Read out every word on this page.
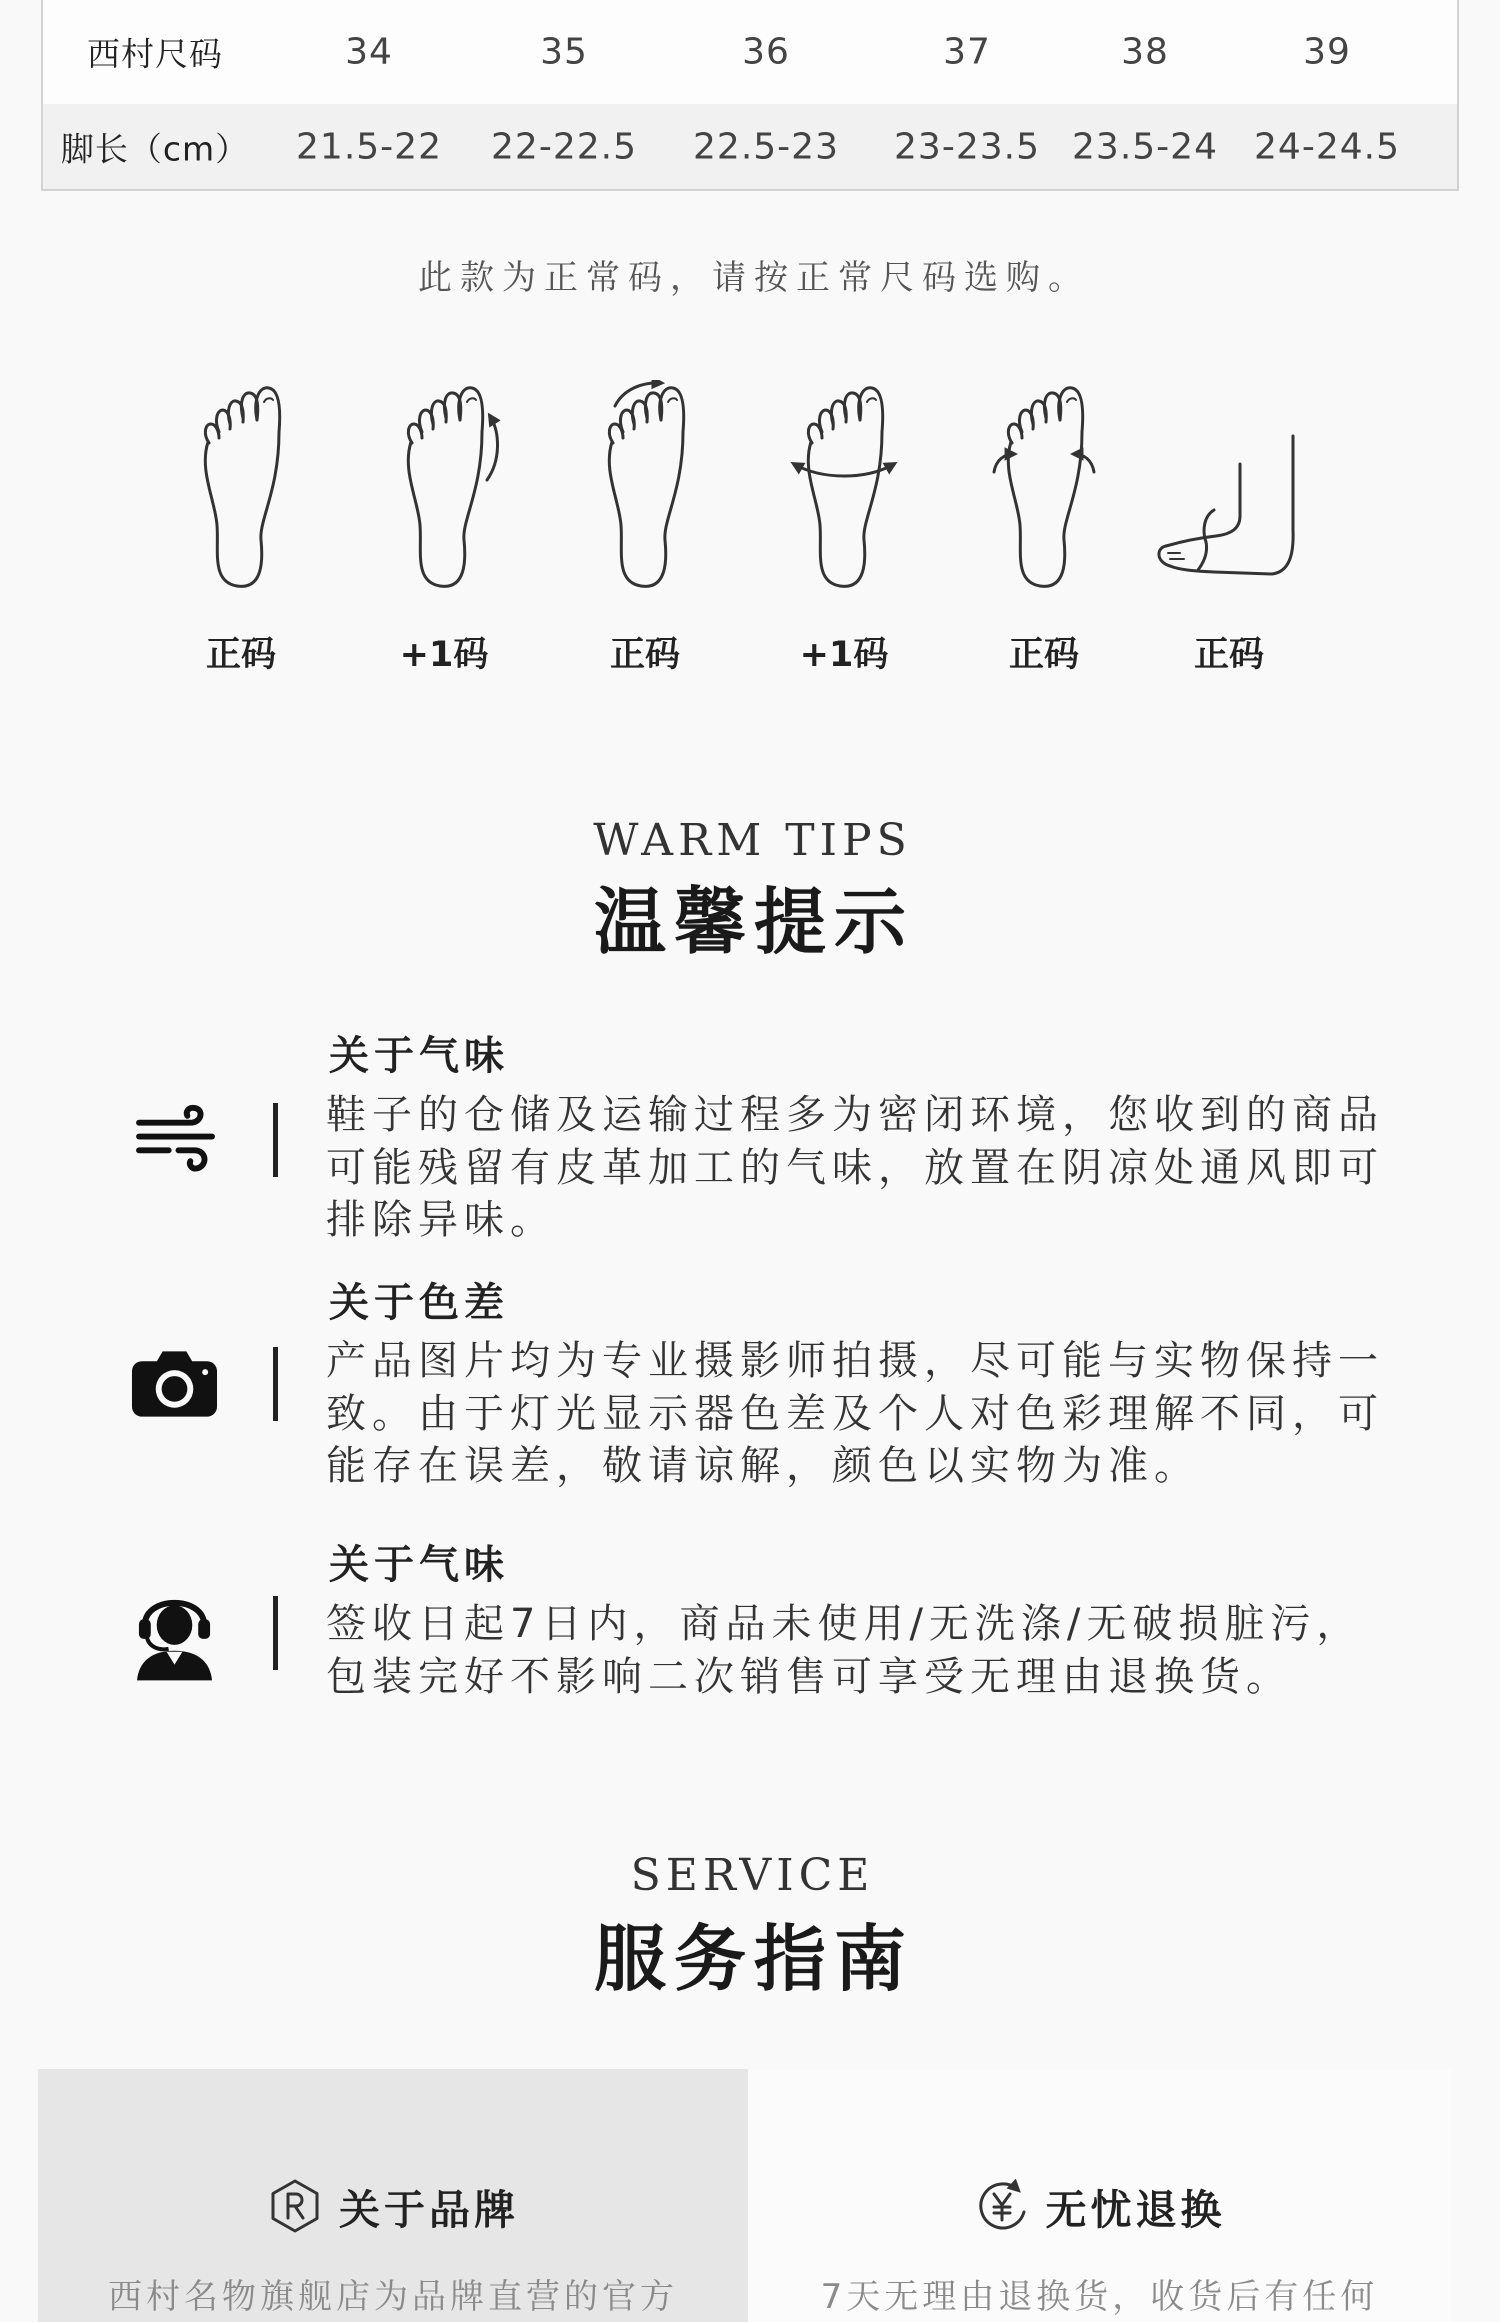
西村尺码	34	35	36	37	38	39
脚长（cm） 21.5-22 22-22.5 22.5-23 23-23.5 23.5-24 24-24.5

此款为正常码，请按正常尺码选购。

正码	+1码	正码	+1码	正码	正码
WARM TIPS
温馨提示
关于气味
鞋子的仓储及运输过程多为密闭环境，您收到的商品
可能残留有皮革加工的气味，放置在阴凉处通风即可
排除异味。
关于色差
产品图片均为专业摄影师拍摄，尽可能与实物保持一
致。由于灯光显示器色差及个人对色彩理解不同，可
能存在误差，敬请谅解，颜色以实物为准。
关于气味
签收日起7日内，商品未使用/无洗涤/无破损脏污，
包装完好不影响二次销售可享受无理由退换货。
SERVICE
服务指南
关于品牌
西村名物旗舰店为品牌直营的官方
无忧退换
7天无理由退换货，收货后有任何
